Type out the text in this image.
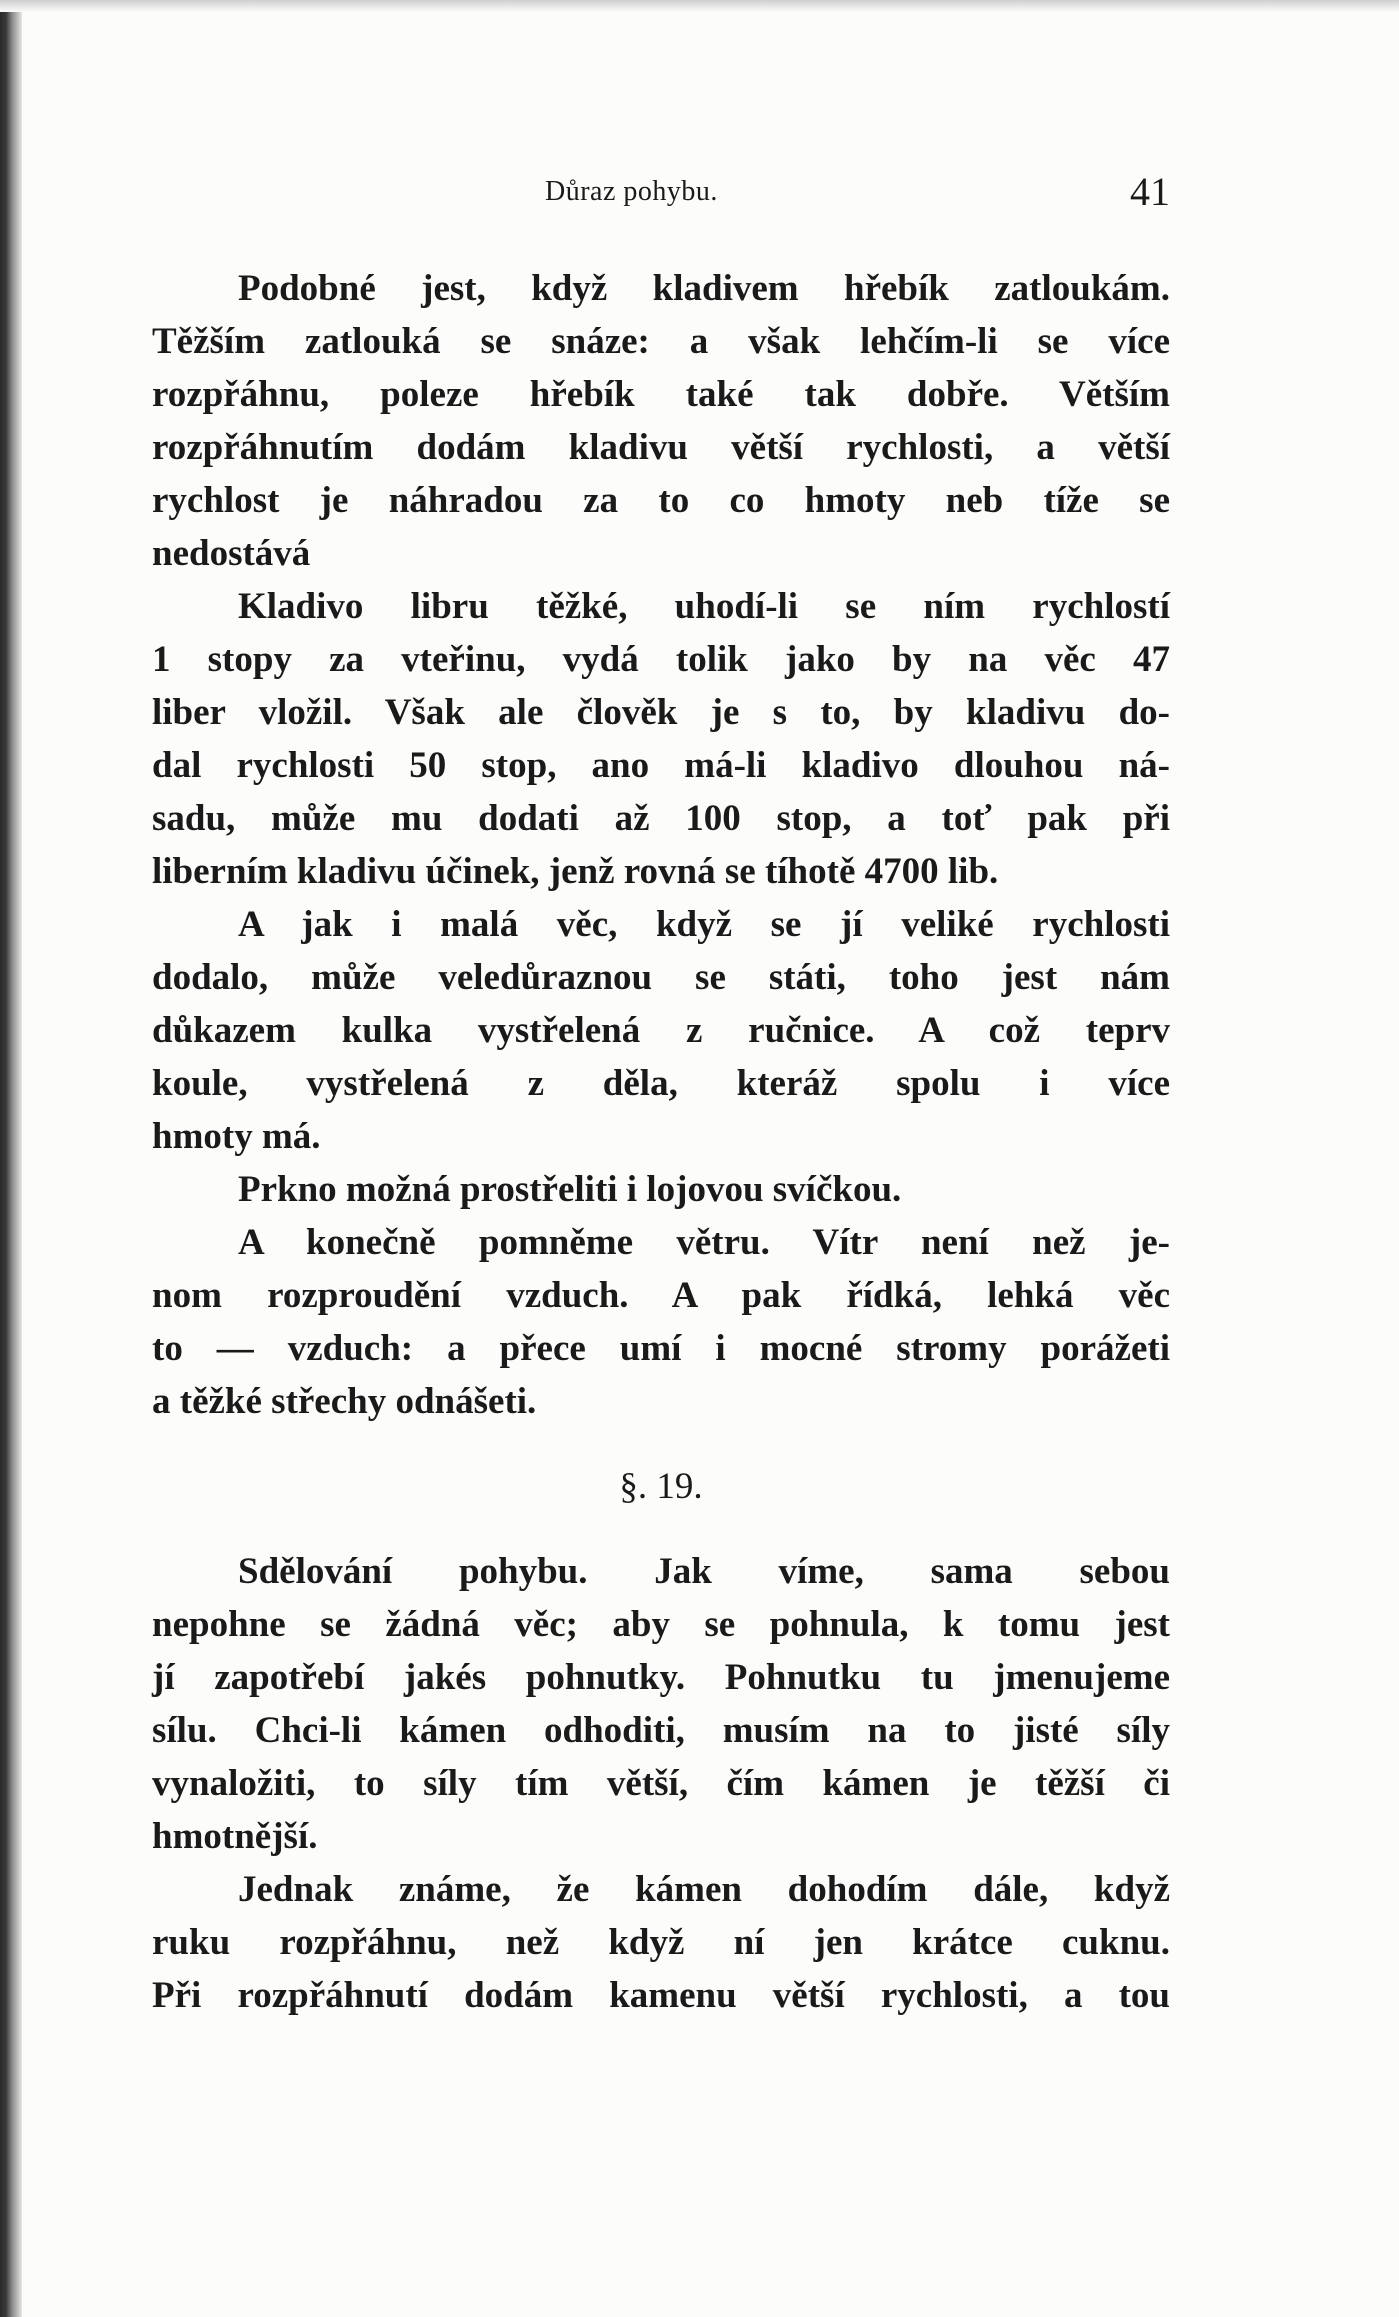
Důraz pohybu.	41
Podobné jest, když kladivem hřebík zatloukám.
Těžším zatlouká se snáze: a však lehčím-li se více
rozpřáhnu, poleze hřebík také tak dobře. Větším
rozpřáhnutím dodám kladivu větší rychlosti, a větší
rychlost je náhradou za to co hmoty neb tíže se
nedostává
Kladivo libru těžké, uhodí-li se ním rychlostí
1 stopy za vteřinu, vydá tolik jako by na věc 47
liber vložil. Však ale člověk je s to, by kladivu do-
dal rychlosti 50 stop, ano má-li kladivo dlouhou ná-
sadu, může mu dodati až 100 stop, a toť pak při
liberním kladivu účinek, jenž rovná se tíhotě 4700 lib.
A jak i malá věc, když se jí veliké rychlosti
dodalo, může veledůraznou se státi, toho jest nám
důkazem kulka vystřelená z ručnice. A což teprv
koule, vystřelená z děla, kteráž spolu i více
hmoty má.
Prkno možná prostřeliti i lojovou svíčkou.
A konečně pomněme větru. Vítr není než je-
nom rozproudění vzduch. A pak řídká, lehká věc
to — vzduch: a přece umí i mocné stromy porážeti
a těžké střechy odnášeti.
§. 19.
Sdělování pohybu. Jak víme, sama sebou
nepohne se žádná věc; aby se pohnula, k tomu jest
jí zapotřebí jakés pohnutky. Pohnutku tu jmenujeme
sílu. Chci-li kámen odhoditi, musím na to jisté síly
vynaložiti, to síly tím větší, čím kámen je těžší či
hmotnější.
Jednak známe, že kámen dohodím dále, když
ruku rozpřáhnu, než když ní jen krátce cuknu.
Při rozpřáhnutí dodám kamenu větší rychlosti, a tou
